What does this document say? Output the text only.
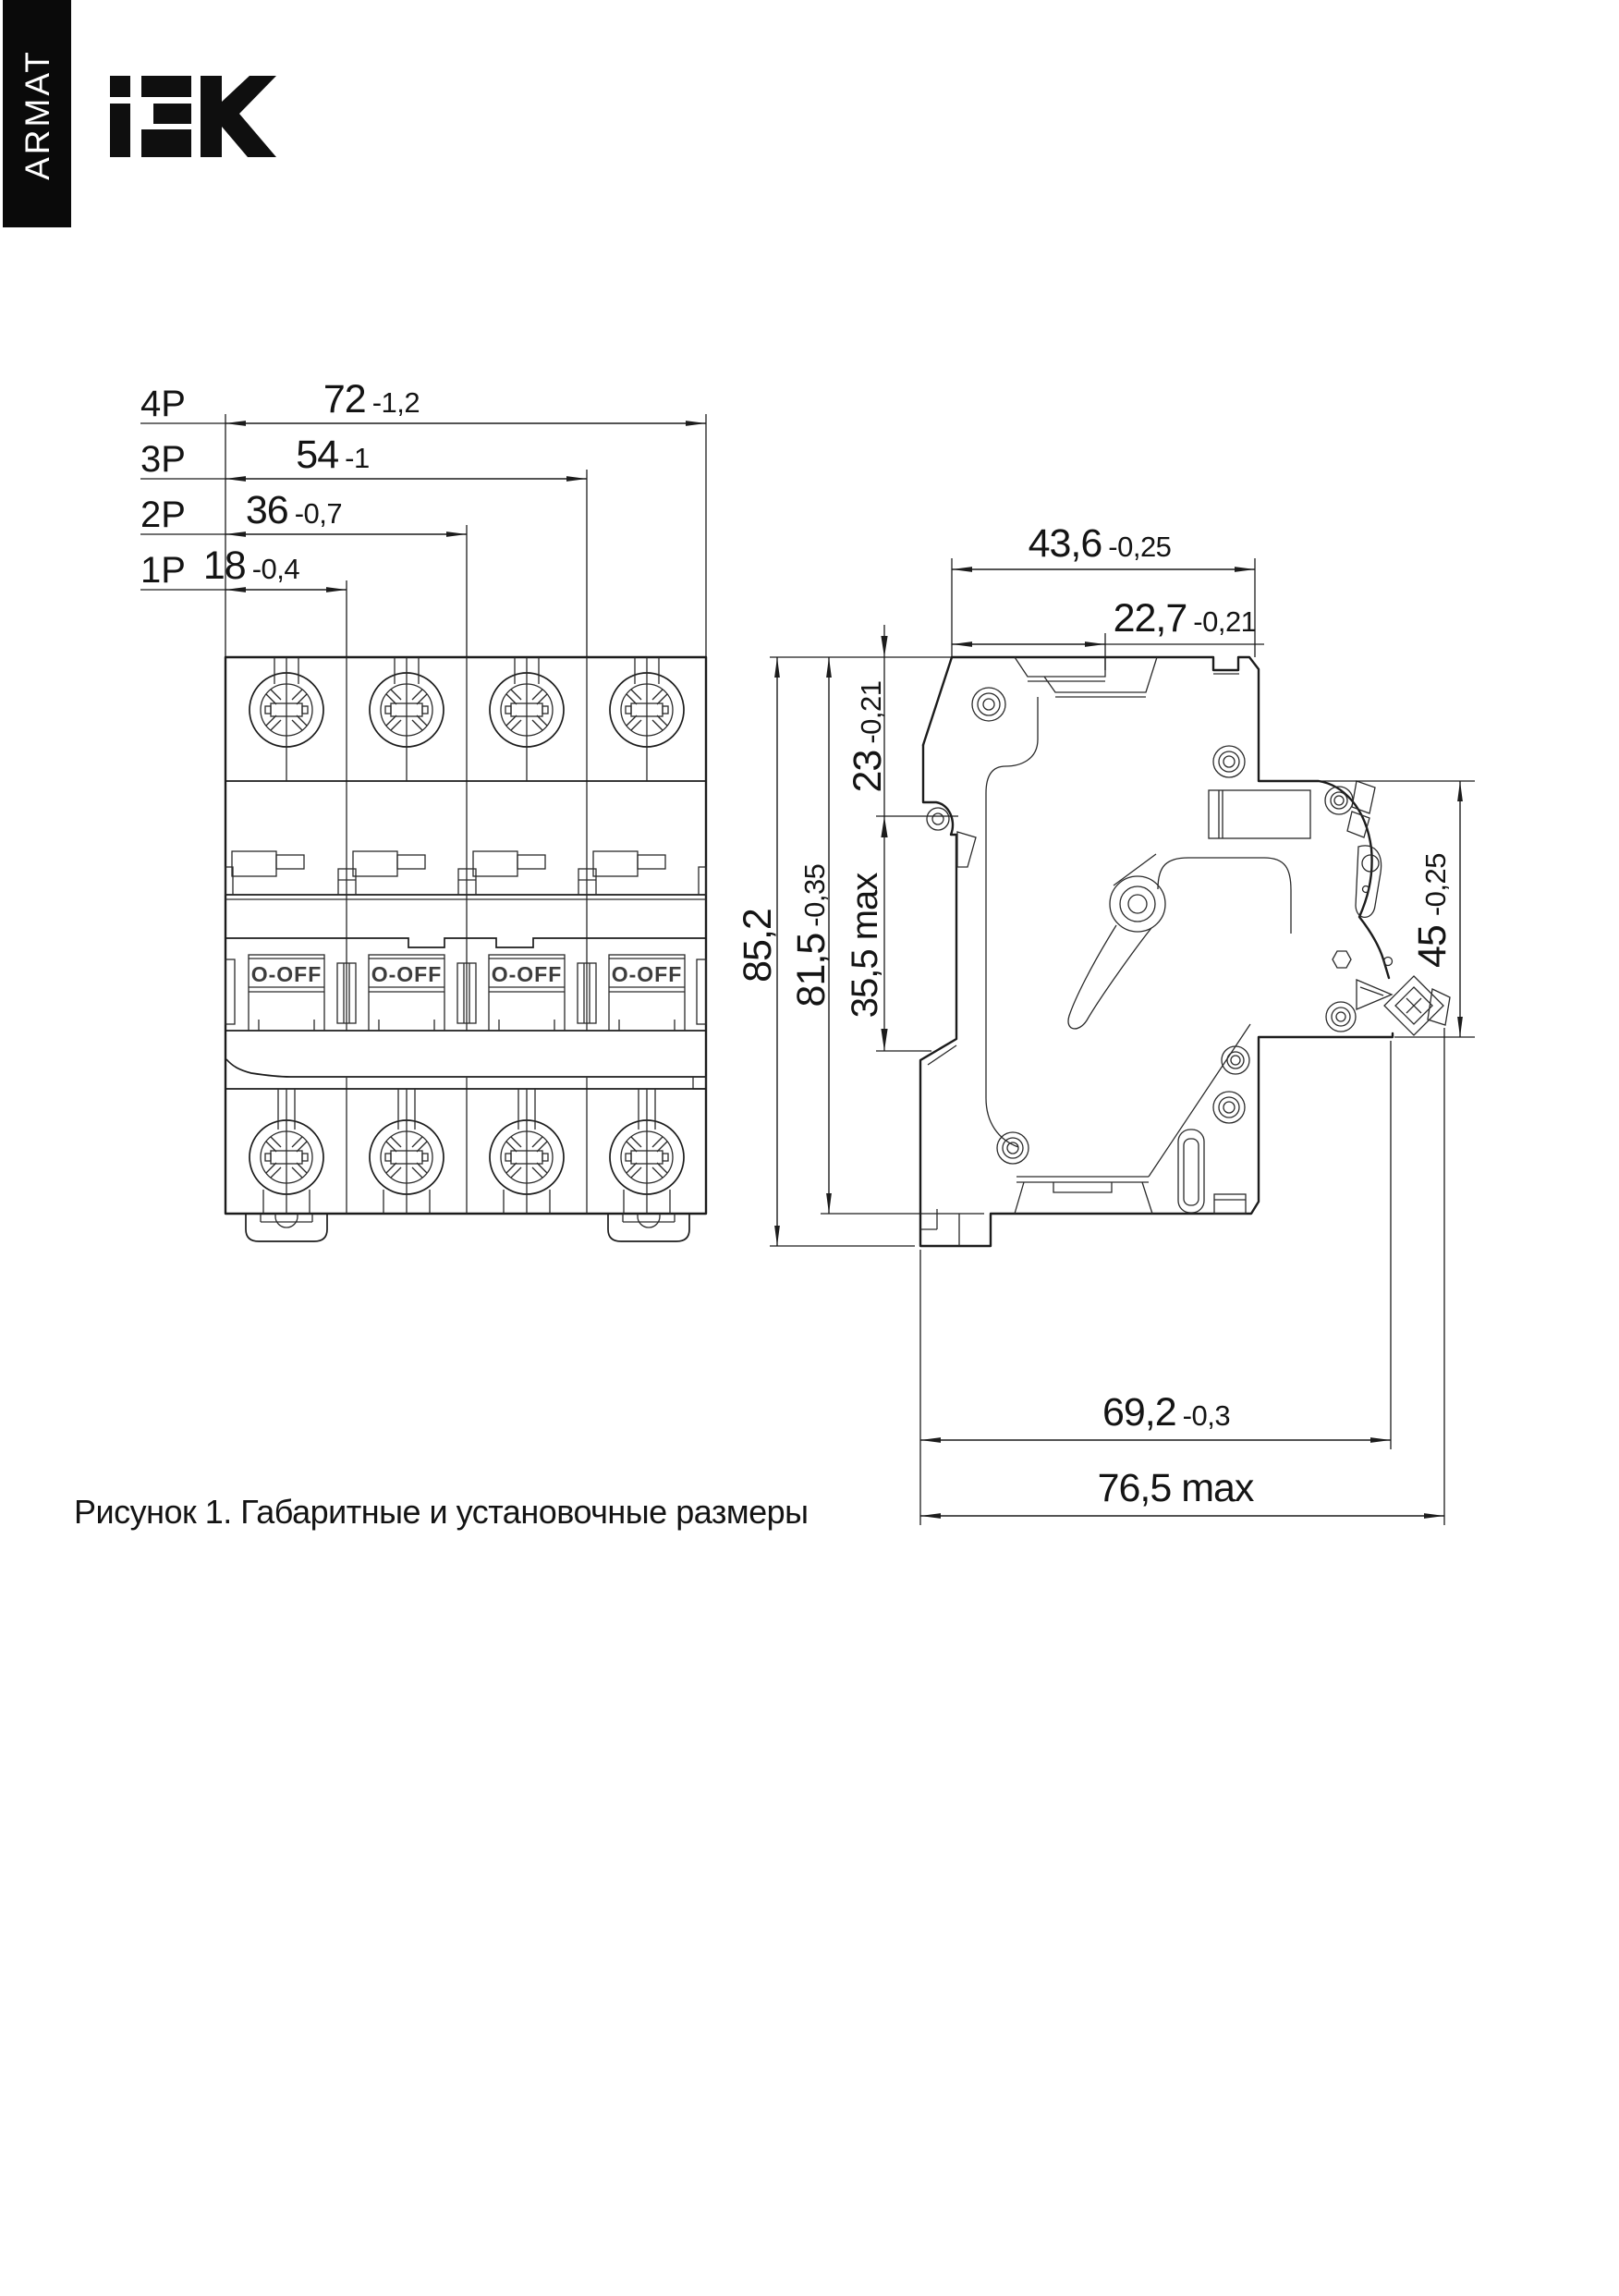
ARMAT
4P	72 -1,2
3P	54 -1
2P 36 -0,7
1P 18 -0,4
O-OFF O-OFF O-OFF O-OFF 85,2 81,5-0,35
23-0,21
35,5 max
43,6 -0,25
22,7 -0,21
45-0,25
69,2 -0,3
76,5 max
Рисунок 1. Габаритные и установочные размеры
